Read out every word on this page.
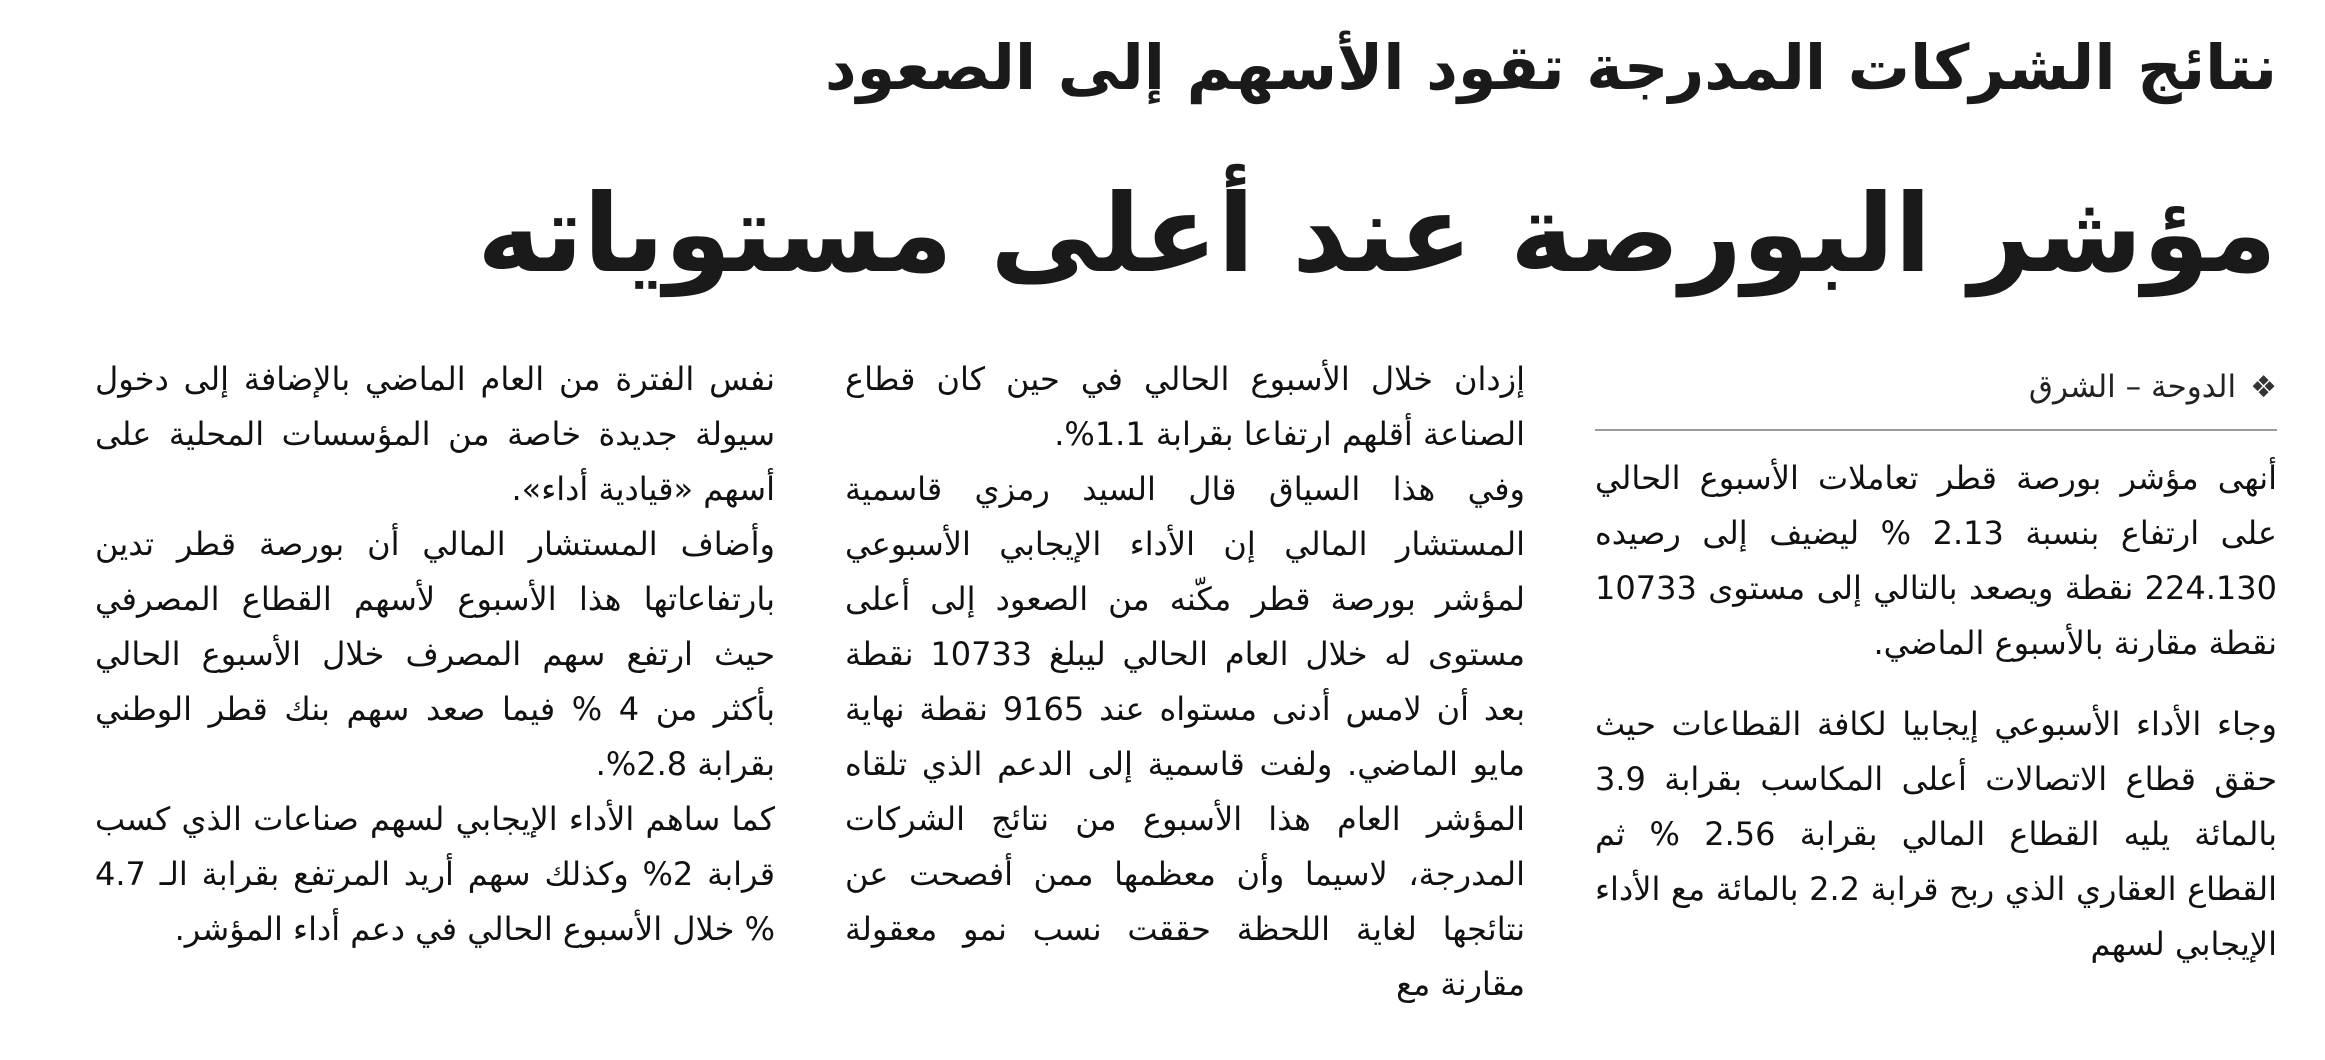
نتائج الشركات المدرجة تقود الأسهم إلى الصعود
مؤشر البورصة عند أعلى مستوياته
❖
الدوحة – الشرق

أنهى مؤشر بورصة قطر تعاملات الأسبوع الحالي على ارتفاع بنسبة 2.13 % ليضيف إلى رصيده 224.130 نقطة ويصعد بالتالي إلى مستوى 10733 نقطة مقارنة بالأسبوع الماضي.

وجاء الأداء الأسبوعي إيجابيا لكافة القطاعات حيث حقق قطاع الاتصالات أعلى المكاسب بقرابة 3.9 بالمائة يليه القطاع المالي بقرابة 2.56 % ثم القطاع العقاري الذي ربح قرابة 2.2 بالمائة مع الأداء الإيجابي لسهم

إزدان خلال الأسبوع الحالي في حين كان قطاع الصناعة أقلهم ارتفاعا بقرابة 1.1%.

وفي هذا السياق قال السيد رمزي قاسمية المستشار المالي إن الأداء الإيجابي الأسبوعي لمؤشر بورصة قطر مكّنه من الصعود إلى أعلى مستوى له خلال العام الحالي ليبلغ 10733 نقطة بعد أن لامس أدنى مستواه عند 9165 نقطة نهاية مايو الماضي. ولفت قاسمية إلى الدعم الذي تلقاه المؤشر العام هذا الأسبوع من نتائج الشركات المدرجة، لاسيما وأن معظمها ممن أفصحت عن نتائجها لغاية اللحظة حققت نسب نمو معقولة مقارنة مع

نفس الفترة من العام الماضي بالإضافة إلى دخول سيولة جديدة خاصة من المؤسسات المحلية على أسهم «قيادية أداء».

وأضاف المستشار المالي أن بورصة قطر تدين بارتفاعاتها هذا الأسبوع لأسهم القطاع المصرفي حيث ارتفع سهم المصرف خلال الأسبوع الحالي بأكثر من 4 % فيما صعد سهم بنك قطر الوطني بقرابة 2.8%.

كما ساهم الأداء الإيجابي لسهم صناعات الذي كسب قرابة 2% وكذلك سهم أريد المرتفع بقرابة الـ 4.7 % خلال الأسبوع الحالي في دعم أداء المؤشر.
